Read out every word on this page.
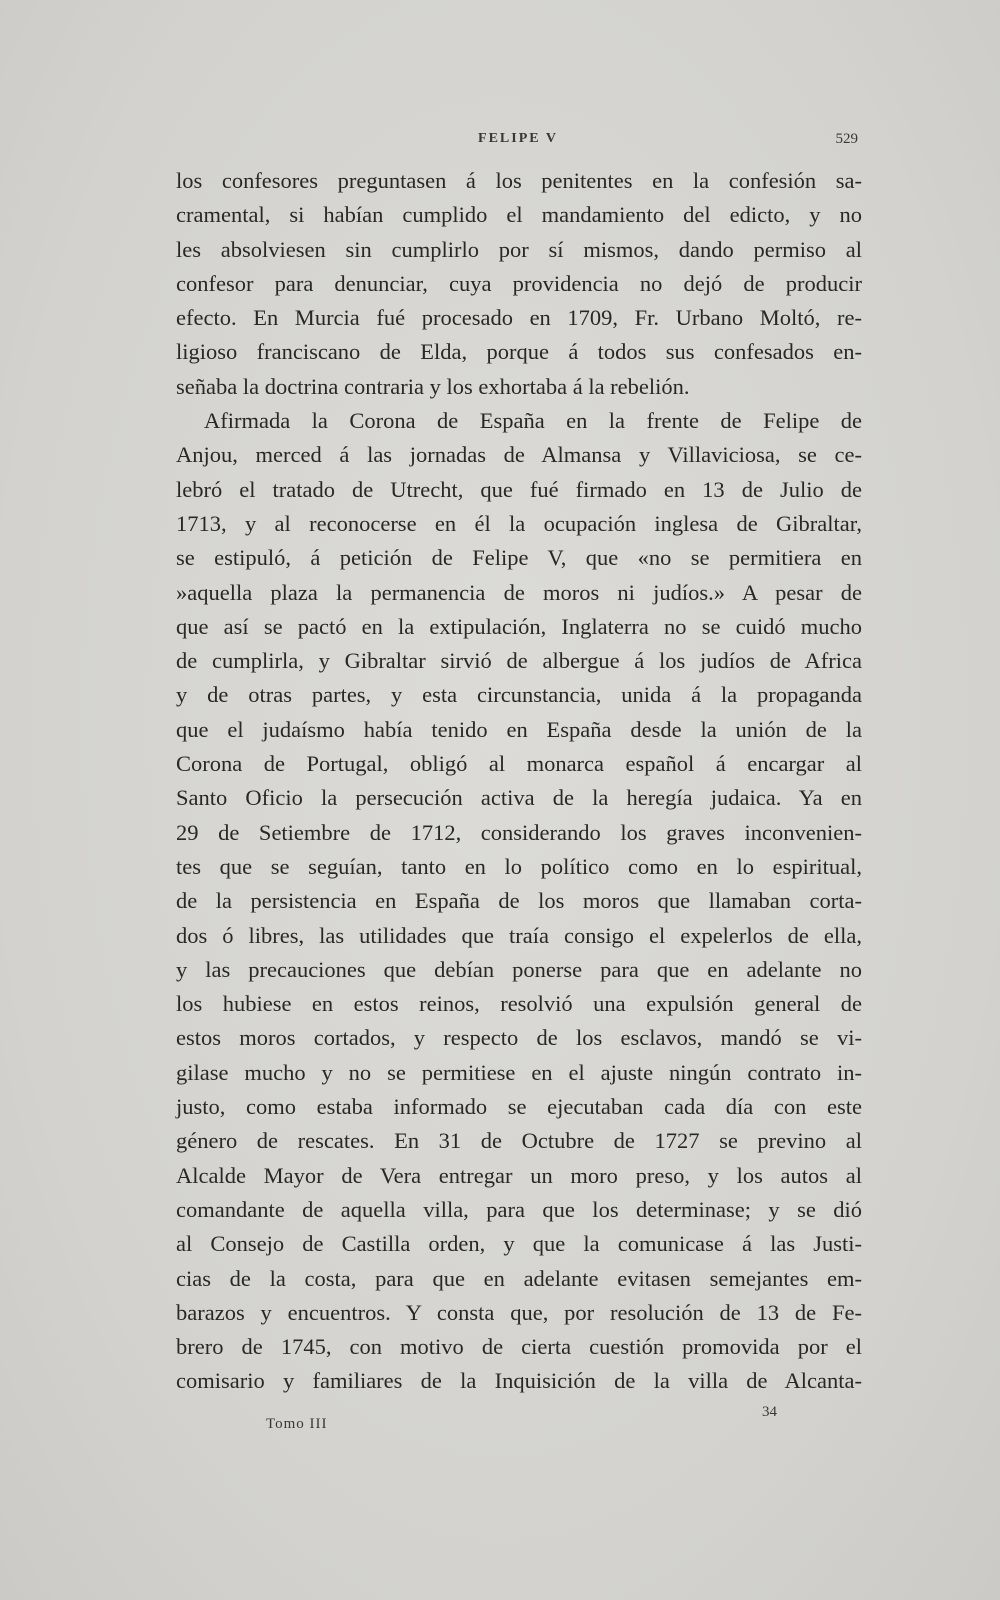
FELIPE V	529
los confesores preguntasen á los penitentes en la confesión sa-
cramental, si habían cumplido el mandamiento del edicto, y no
les absolviesen sin cumplirlo por sí mismos, dando permiso al
confesor para denunciar, cuya providencia no dejó de producir
efecto. En Murcia fué procesado en 1709, Fr. Urbano Moltó, re-
ligioso franciscano de Elda, porque á todos sus confesados en-
señaba la doctrina contraria y los exhortaba á la rebelión.
Afirmada la Corona de España en la frente de Felipe de
Anjou, merced á las jornadas de Almansa y Villaviciosa, se ce-
lebró el tratado de Utrecht, que fué firmado en 13 de Julio de
1713, y al reconocerse en él la ocupación inglesa de Gibraltar,
se estipuló, á petición de Felipe V, que «no se permitiera en
»aquella plaza la permanencia de moros ni judíos.» A pesar de
que así se pactó en la extipulación, Inglaterra no se cuidó mucho
de cumplirla, y Gibraltar sirvió de albergue á los judíos de Africa
y de otras partes, y esta circunstancia, unida á la propaganda
que el judaísmo había tenido en España desde la unión de la
Corona de Portugal, obligó al monarca español á encargar al
Santo Oficio la persecución activa de la heregía judaica. Ya en
29 de Setiembre de 1712, considerando los graves inconvenien-
tes que se seguían, tanto en lo político como en lo espiritual,
de la persistencia en España de los moros que llamaban corta-
dos ó libres, las utilidades que traía consigo el expelerlos de ella,
y las precauciones que debían ponerse para que en adelante no
los hubiese en estos reinos, resolvió una expulsión general de
estos moros cortados, y respecto de los esclavos, mandó se vi-
gilase mucho y no se permitiese en el ajuste ningún contrato in-
justo, como estaba informado se ejecutaban cada día con este
género de rescates. En 31 de Octubre de 1727 se previno al
Alcalde Mayor de Vera entregar un moro preso, y los autos al
comandante de aquella villa, para que los determinase; y se dió
al Consejo de Castilla orden, y que la comunicase á las Justi-
cias de la costa, para que en adelante evitasen semejantes em-
barazos y encuentros. Y consta que, por resolución de 13 de Fe-
brero de 1745, con motivo de cierta cuestión promovida por el
comisario y familiares de la Inquisición de la villa de Alcanta-
34
Tomo III
